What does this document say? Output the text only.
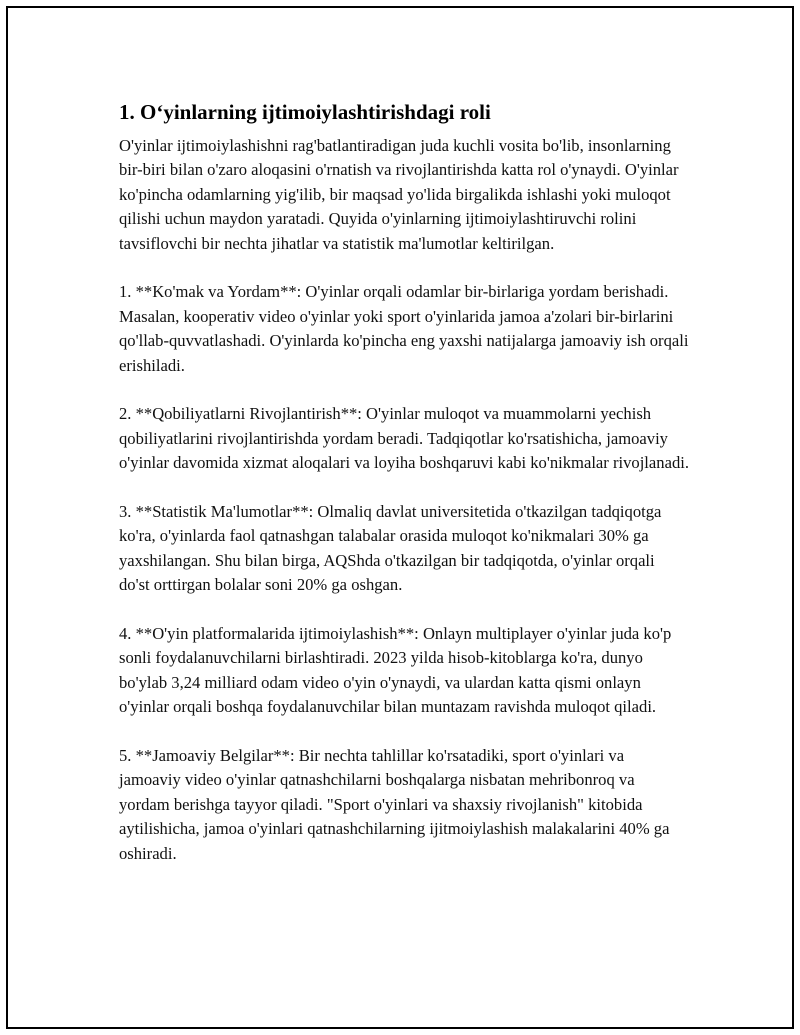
1. O‘yinlarning ijtimoiylashtirishdagi roli

O'yinlar ijtimoiylashishni rag'batlantiradigan juda kuchli vosita bo'lib, insonlarning bir-biri bilan o'zaro aloqasini o'rnatish va rivojlantirishda katta rol o'ynaydi. O'yinlar ko'pincha odamlarning yig'ilib, bir maqsad yo'lida birgalikda ishlashi yoki muloqot qilishi uchun maydon yaratadi. Quyida o'yinlarning ijtimoiylashtiruvchi rolini tavsiflovchi bir nechta jihatlar va statistik ma'lumotlar keltirilgan.

1. **Ko'mak va Yordam**: O'yinlar orqali odamlar bir-birlariga yordam berishadi. Masalan, kooperativ video o'yinlar yoki sport o'yinlarida jamoa a'zolari bir-birlarini qo'llab-quvvatlashadi. O'yinlarda ko'pincha eng yaxshi natijalarga jamoaviy ish orqali erishiladi.

2. **Qobiliyatlarni Rivojlantirish**: O'yinlar muloqot va muammolarni yechish qobiliyatlarini rivojlantirishda yordam beradi. Tadqiqotlar ko'rsatishicha, jamoaviy o'yinlar davomida xizmat aloqalari va loyiha boshqaruvi kabi ko'nikmalar rivojlanadi.

3. **Statistik Ma'lumotlar**: Olmaliq davlat universitetida o'tkazilgan tadqiqotga ko'ra, o'yinlarda faol qatnashgan talabalar orasida muloqot ko'nikmalari 30% ga yaxshilangan. Shu bilan birga, AQShda o'tkazilgan bir tadqiqotda, o'yinlar orqali do'st orttirgan bolalar soni 20% ga oshgan.

4. **O'yin platformalarida ijtimoiylashish**: Onlayn multiplayer o'yinlar juda ko'p sonli foydalanuvchilarni birlashtiradi. 2023 yilda hisob-kitoblarga ko'ra, dunyo bo'ylab 3,24 milliard odam video o'yin o'ynaydi, va ulardan katta qismi onlayn o'yinlar orqali boshqa foydalanuvchilar bilan muntazam ravishda muloqot qiladi.

5. **Jamoaviy Belgilar**: Bir nechta tahlillar ko'rsatadiki, sport o'yinlari va jamoaviy video o'yinlar qatnashchilarni boshqalarga nisbatan mehribonroq va yordam berishga tayyor qiladi. "Sport o'yinlari va shaxsiy rivojlanish" kitobida aytilishicha, jamoa o'yinlari qatnashchilarning ijitmoiylashish malakalarini 40% ga oshiradi.
